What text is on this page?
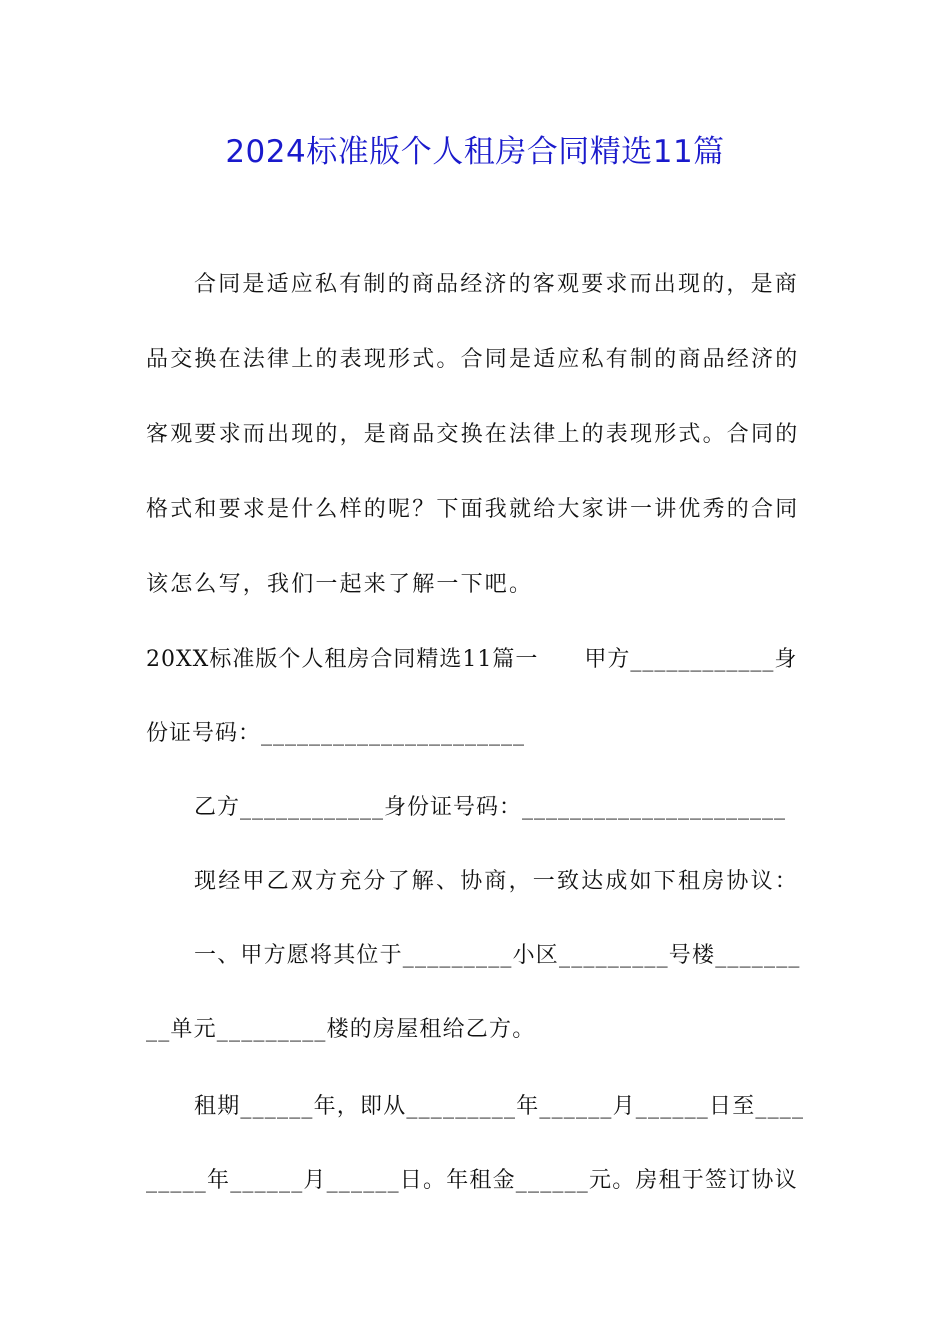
2024标准版个人租房合同精选11篇
合同是适应私有制的商品经济的客观要求而出现的，是商
品交换在法律上的表现形式。合同是适应私有制的商品经济的
客观要求而出现的，是商品交换在法律上的表现形式。合同的
格式和要求是什么样的呢？下面我就给大家讲一讲优秀的合同
该怎么写，我们一起来了解一下吧。
20XX标准版个人租房合同精选11篇一　　甲方____________身
份证号码：______________________
乙方____________身份证号码：______________________
现经甲乙双方充分了解、协商，一致达成如下租房协议：
一、甲方愿将其位于_________小区_________号楼_______
__单元_________楼的房屋租给乙方。
租期______年，即从_________年______月______日至____
_____年______月______日。年租金______元。房租于签订协议
